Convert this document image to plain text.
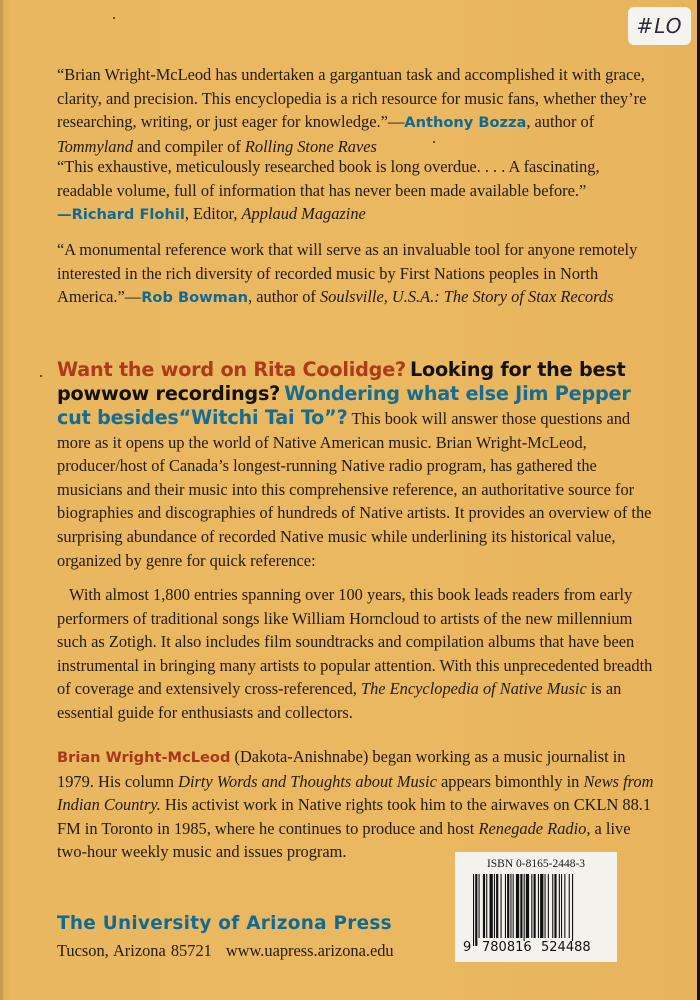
#LO

“Brian Wright-McLeod has undertaken a gargantuan task and accomplished it with grace, clarity, and precision. This encyclopedia is a rich resource for music fans, whether they’re researching, writing, or just eager for knowledge.”—Anthony Bozza, author of Tommyland and compiler of Rolling Stone Raves

“This exhaustive, meticulously researched book is long overdue. . . . A fascinating, readable volume, full of information that has never been made available before.”
—Richard Flohil, Editor, Applaud Magazine

“A monumental reference work that will serve as an invaluable tool for anyone remotely interested in the rich diversity of recorded music by First Nations peoples in North America.”—Rob Bowman, author of Soulsville, U.S.A.: The Story of Stax Records

Want the word on Rita Coolidge? Looking for the best powwow recordings? Wondering what else Jim Pepper cut besides“Witchi Tai To”? This book will answer those questions and more as it opens up the world of Native American music. Brian Wright-McLeod, producer/host of Canada’s longest-running Native radio program, has gathered the musicians and their music into this comprehensive reference, an authoritative source for biographies and discographies of hundreds of Native artists. It provides an overview of the surprising abundance of recorded Native music while underlining its historical value, organized by genre for quick reference:

With almost 1,800 entries spanning over 100 years, this book leads readers from early performers of traditional songs like William Horncloud to artists of the new millennium such as Zotigh. It also includes film soundtracks and compilation albums that have been instrumental in bringing many artists to popular attention. With this unprecedented breadth of coverage and extensively cross-referenced, The Encyclopedia of Native Music is an essential guide for enthusiasts and collectors.
Brian Wright-McLeod (Dakota-Anishnabe) began working as a music journalist in 1979. His column Dirty Words and Thoughts about Music appears bimonthly in News from Indian Country. His activist work in Native rights took him to the airwaves on CKLN 88.1 FM in Toronto in 1985, where he continues to produce and host Renegade Radio, a live two-hour weekly music and issues program.
The University of Arizona Press
Tucson, Arizona 85721 www.uapress.arizona.edu
ISBN 0-8165-2448-3
9 780816 524488
